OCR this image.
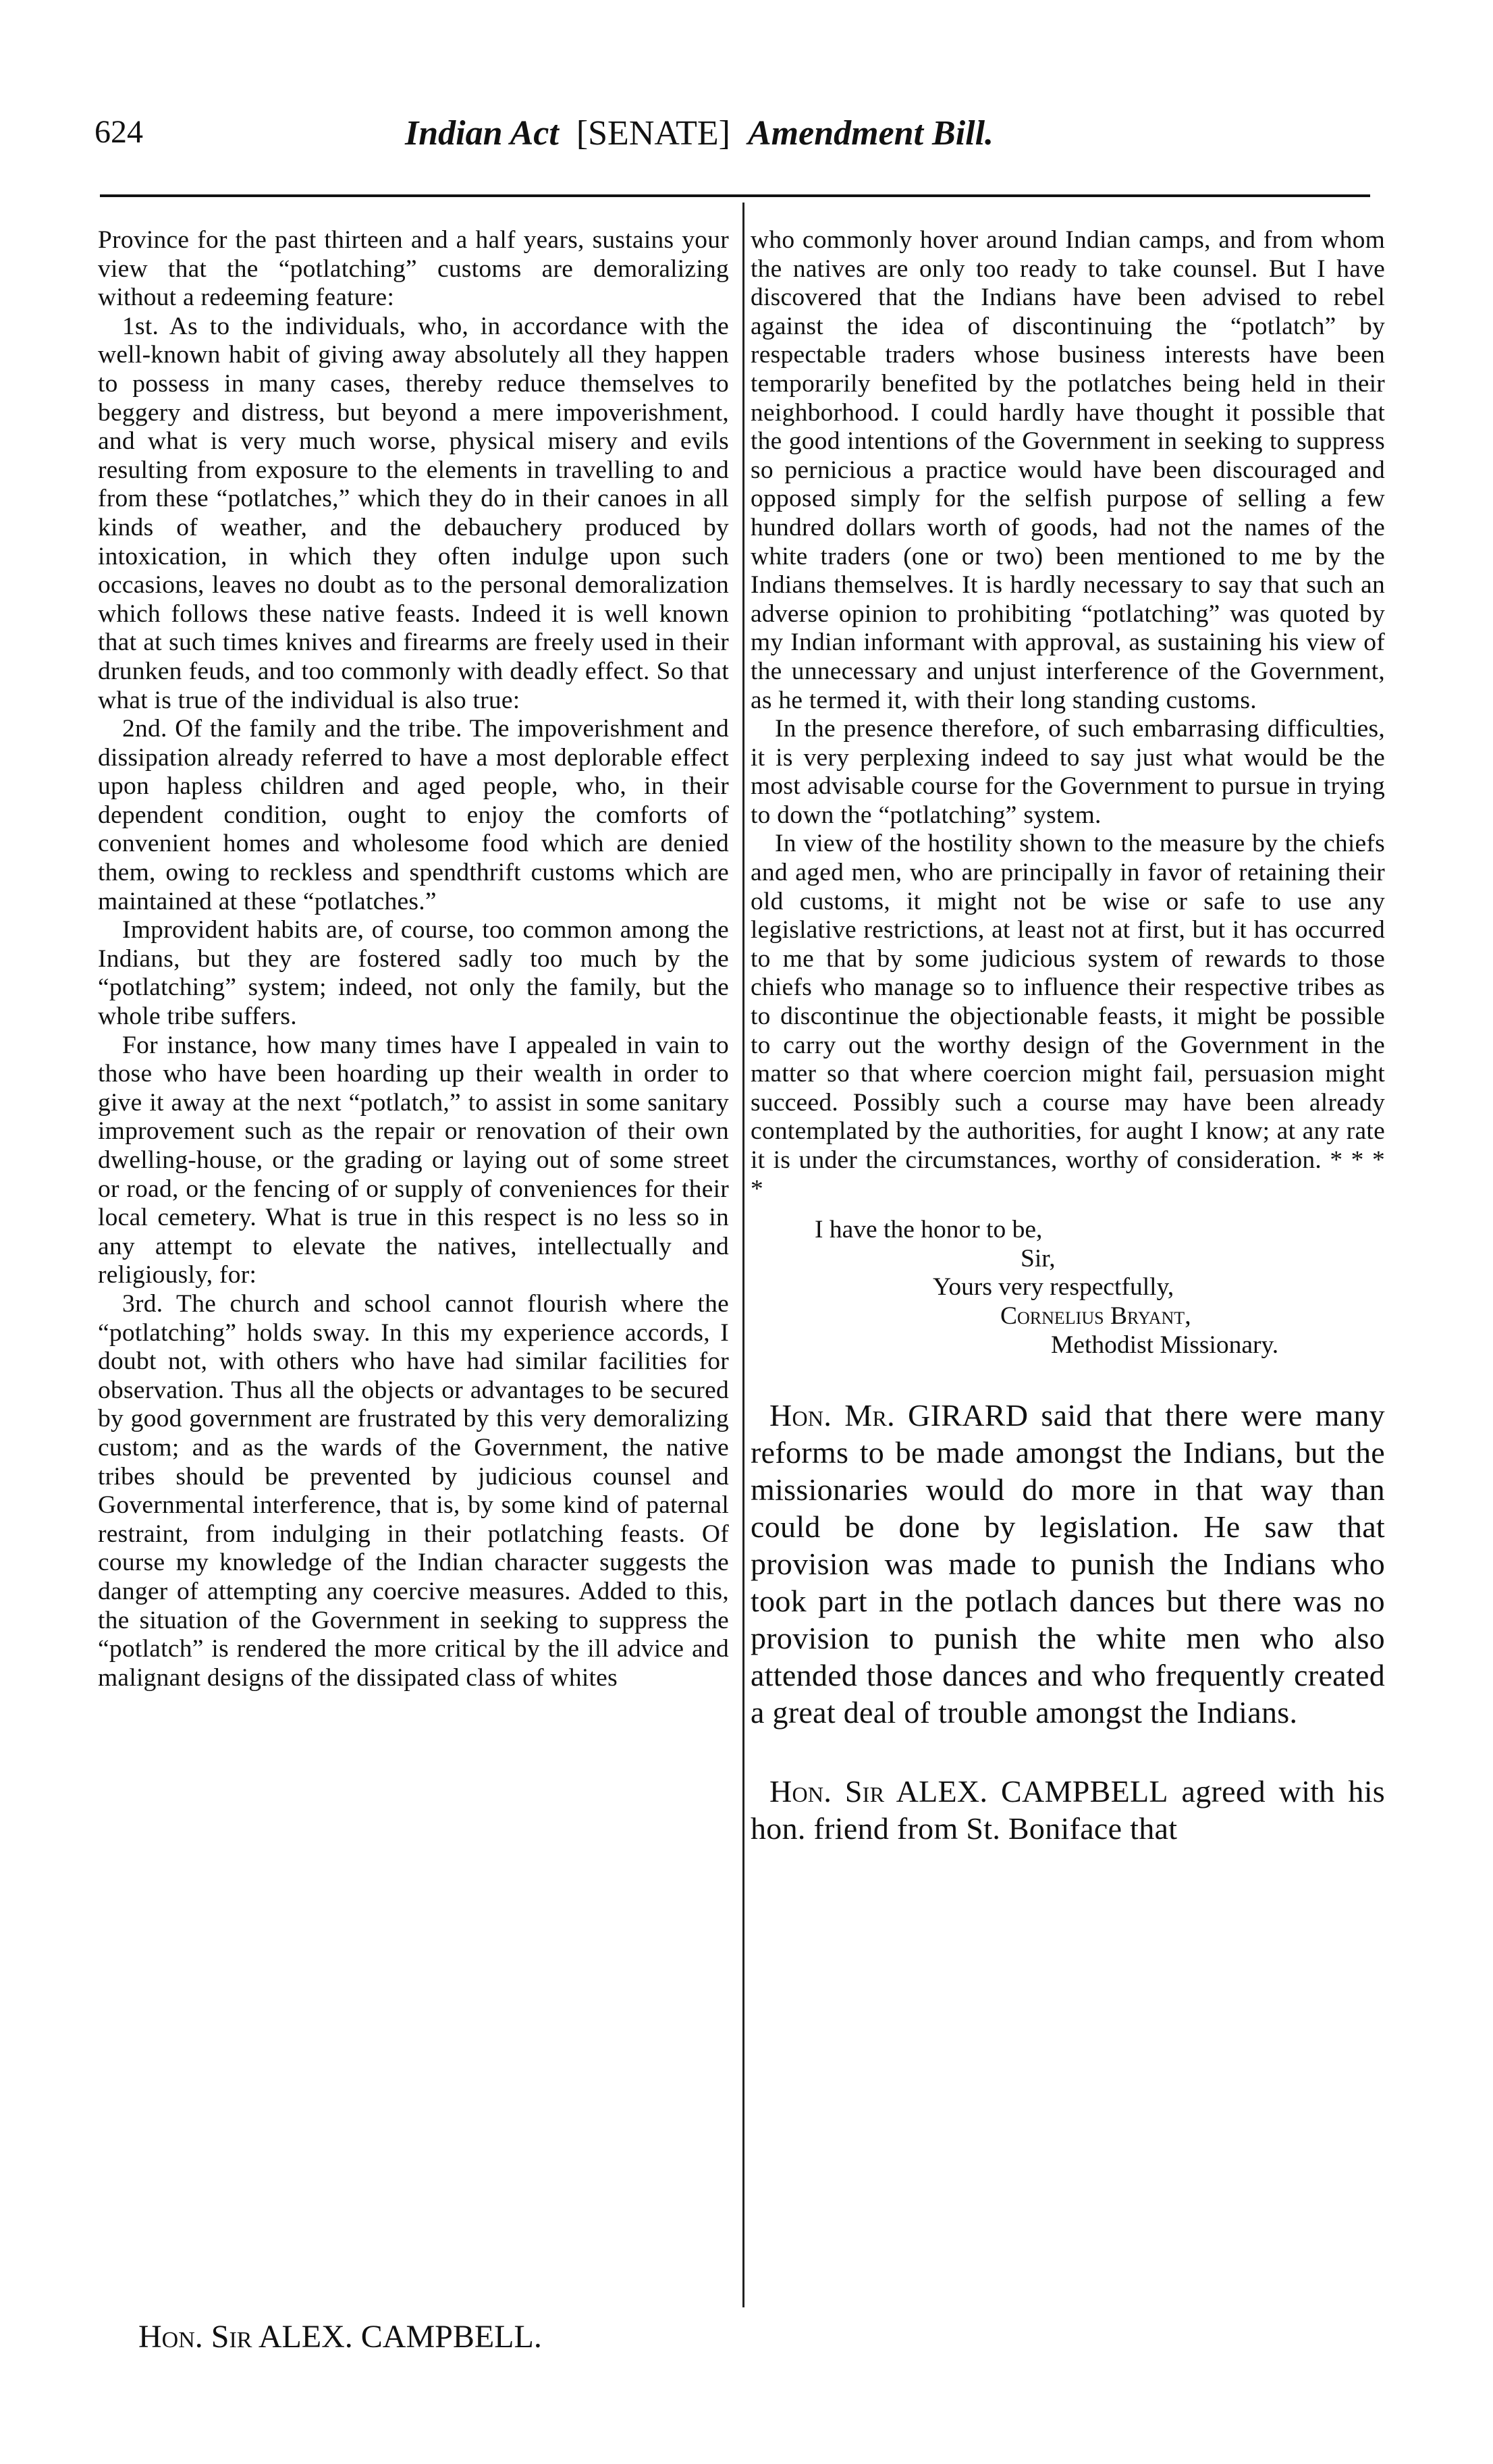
624	Indian Act [SENATE] Amendment Bill.

Province for the past thirteen and a half years, sustains your view that the “potlatching” customs are demoralizing without a redeeming feature:

1st. As to the individuals, who, in accordance with the well-known habit of giving away absolutely all they happen to possess in many cases, thereby reduce themselves to beggery and distress, but beyond a mere impoverishment, and what is very much worse, physical misery and evils resulting from exposure to the elements in travelling to and from these “potlatches,” which they do in their canoes in all kinds of weather, and the debauchery produced by intoxication, in which they often indulge upon such occasions, leaves no doubt as to the personal demoralization which follows these native feasts. Indeed it is well known that at such times knives and firearms are freely used in their drunken feuds, and too commonly with deadly effect. So that what is true of the individual is also true:

2nd. Of the family and the tribe. The impoverishment and dissipation already referred to have a most deplorable effect upon hapless children and aged people, who, in their dependent condition, ought to enjoy the comforts of convenient homes and wholesome food which are denied them, owing to reckless and spendthrift customs which are maintained at these “potlatches.”

Improvident habits are, of course, too common among the Indians, but they are fostered sadly too much by the “potlatching” system; indeed, not only the family, but the whole tribe suffers.

For instance, how many times have I appealed in vain to those who have been hoarding up their wealth in order to give it away at the next “potlatch,” to assist in some sanitary improvement such as the repair or renovation of their own dwelling-house, or the grading or laying out of some street or road, or the fencing of or supply of conveniences for their local cemetery. What is true in this respect is no less so in any attempt to elevate the natives, intellectually and religiously, for:

3rd. The church and school cannot flourish where the “potlatching” holds sway. In this my experience accords, I doubt not, with others who have had similar facilities for observation. Thus all the objects or advantages to be secured by good government are frustrated by this very demoralizing custom; and as the wards of the Government, the native tribes should be prevented by judicious counsel and Governmental interference, that is, by some kind of paternal restraint, from indulging in their potlatching feasts. Of course my knowledge of the Indian character suggests the danger of attempting any coercive measures. Added to this, the situation of the Government in seeking to suppress the “potlatch” is rendered the more critical by the ill advice and malignant designs of the dissipated class of whites

who commonly hover around Indian camps, and from whom the natives are only too ready to take counsel. But I have discovered that the Indians have been advised to rebel against the idea of discontinuing the “potlatch” by respectable traders whose business interests have been temporarily benefited by the potlatches being held in their neighborhood. I could hardly have thought it possible that the good intentions of the Government in seeking to suppress so pernicious a practice would have been discouraged and opposed simply for the selfish purpose of selling a few hundred dollars worth of goods, had not the names of the white traders (one or two) been mentioned to me by the Indians themselves. It is hardly necessary to say that such an adverse opinion to prohibiting “potlatching” was quoted by my Indian informant with approval, as sustaining his view of the unnecessary and unjust interference of the Government, as he termed it, with their long standing customs.

In the presence therefore, of such embarrasing difficulties, it is very perplexing indeed to say just what would be the most advisable course for the Government to pursue in trying to down the “potlatching” system.

In view of the hostility shown to the measure by the chiefs and aged men, who are principally in favor of retaining their old customs, it might not be wise or safe to use any legislative restrictions, at least not at first, but it has occurred to me that by some judicious system of rewards to those chiefs who manage so to influence their respective tribes as to discontinue the objectionable feasts, it might be possible to carry out the worthy design of the Government in the matter so that where coercion might fail, persuasion might succeed. Possibly such a course may have been already contemplated by the authorities, for aught I know; at any rate it is under the circumstances, worthy of consideration. * * * *

I have the honor to be,
Sir,
Yours very respectfully,
Cornelius Bryant,
Methodist Missionary.

Hon. Mr. GIRARD said that there were many reforms to be made amongst the Indians, but the missionaries would do more in that way than could be done by legislation. He saw that provision was made to punish the Indians who took part in the potlach dances but there was no provision to punish the white men who also attended those dances and who frequently created a great deal of trouble amongst the Indians.

Hon. Sir ALEX. CAMPBELL agreed with his hon. friend from St. Boniface that

Hon. Sir ALEX. CAMPBELL.
